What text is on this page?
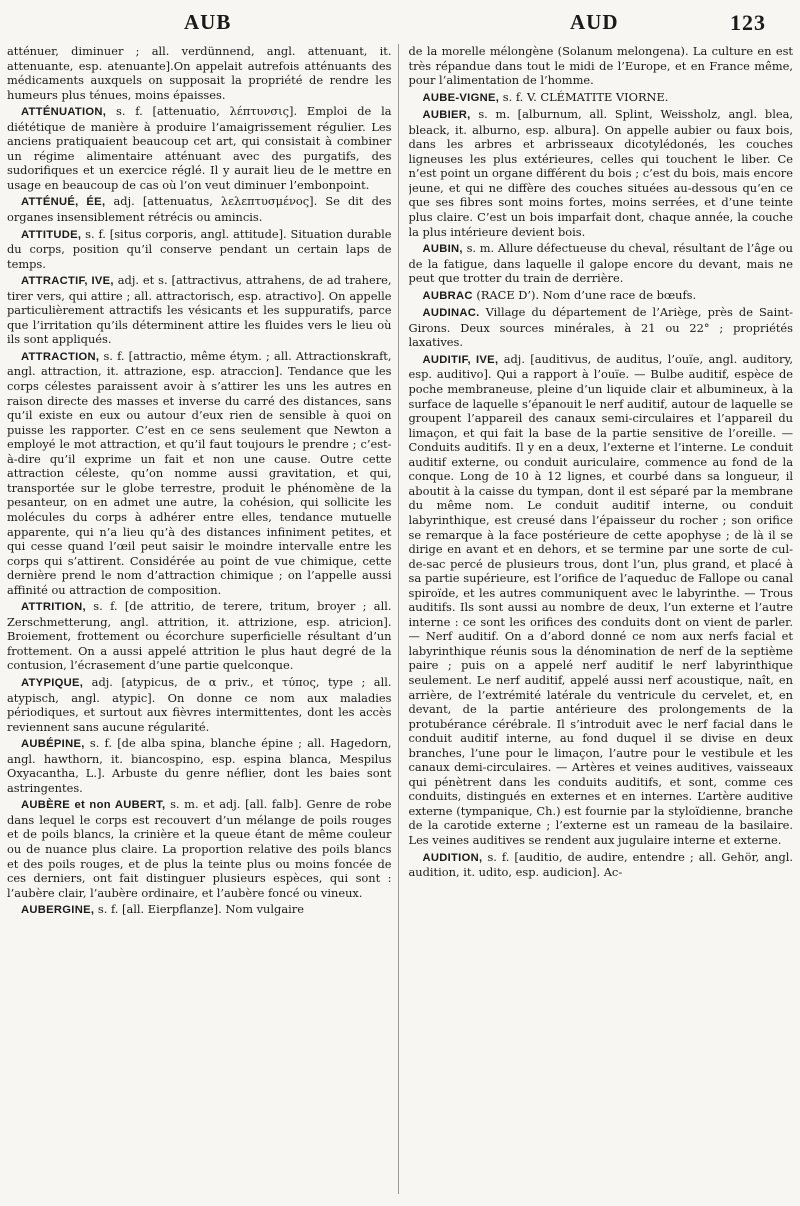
AUB	AUD	123

atténuer, diminuer ; all. verdünnend, angl. attenuant, it. attenuante, esp. atenuante].On appelait autrefois atténuants des médicaments auxquels on supposait la propriété de rendre les humeurs plus ténues, moins épaisses.

ATTÉNUATION, s. f. [attenuatio, λέπτυνσις]. Emploi de la diététique de manière à produire l’amaigrissement régulier. Les anciens pratiquaient beaucoup cet art, qui consistait à combiner un régime alimentaire atténuant avec des purgatifs, des sudorifiques et un exercice réglé. Il y aurait lieu de le mettre en usage en beaucoup de cas où l’on veut diminuer l’embonpoint.

ATTÉNUÉ, ÉE, adj. [attenuatus, λελεπτυσμένος]. Se dit des organes insensiblement rétrécis ou amincis.

ATTITUDE, s. f. [situs corporis, angl. attitude]. Situation durable du corps, position qu’il conserve pendant un certain laps de temps.

ATTRACTIF, IVE, adj. et s. [attractivus, attrahens, de ad trahere, tirer vers, qui attire ; all. attractorisch, esp. atractivo]. On appelle particulièrement attractifs les vésicants et les suppuratifs, parce que l’irritation qu’ils déterminent attire les fluides vers le lieu où ils sont appliqués.

ATTRACTION, s. f. [attractio, même étym. ; all. Attractionskraft, angl. attraction, it. attrazione, esp. atraccion]. Tendance que les corps célestes paraissent avoir à s’attirer les uns les autres en raison directe des masses et inverse du carré des distances, sans qu’il existe en eux ou autour d’eux rien de sensible à quoi on puisse les rapporter. C’est en ce sens seulement que Newton a employé le mot attraction, et qu’il faut toujours le prendre ; c’est-à-dire qu’il exprime un fait et non une cause. Outre cette attraction céleste, qu’on nomme aussi gravitation, et qui, transportée sur le globe terrestre, produit le phénomène de la pesanteur, on en admet une autre, la cohésion, qui sollicite les molécules du corps à adhérer entre elles, tendance mutuelle apparente, qui n’a lieu qu’à des distances infiniment petites, et qui cesse quand l’œil peut saisir le moindre intervalle entre les corps qui s’attirent. Considérée au point de vue chimique, cette dernière prend le nom d’attraction chimique ; on l’appelle aussi affinité ou attraction de composition.

ATTRITION, s. f. [de attritio, de terere, tritum, broyer ; all. Zerschmetterung, angl. attrition, it. attrizione, esp. atricion]. Broiement, frottement ou écorchure superficielle résultant d’un frottement. On a aussi appelé attrition le plus haut degré de la contusion, l’écrasement d’une partie quelconque.

ATYPIQUE, adj. [atypicus, de α priv., et τύπος, type ; all. atypisch, angl. atypic]. On donne ce nom aux maladies périodiques, et surtout aux fièvres intermittentes, dont les accès reviennent sans aucune régularité.

AUBÉPINE, s. f. [de alba spina, blanche épine ; all. Hagedorn, angl. hawthorn, it. biancospino, esp. espina blanca, Mespilus Oxyacantha, L.]. Arbuste du genre néflier, dont les baies sont astringentes.

AUBÈRE et non AUBERT, s. m. et adj. [all. falb]. Genre de robe dans lequel le corps est recouvert d’un mélange de poils rouges et de poils blancs, la crinière et la queue étant de même couleur ou de nuance plus claire. La proportion relative des poils blancs et des poils rouges, et de plus la teinte plus ou moins foncée de ces derniers, ont fait distinguer plusieurs espèces, qui sont : l’aubère clair, l’aubère ordinaire, et l’aubère foncé ou vineux.

AUBERGINE, s. f. [all. Eierpflanze]. Nom vulgaire

de la morelle mélongène (Solanum melongena). La culture en est très répandue dans tout le midi de l’Europe, et en France même, pour l’alimentation de l’homme.

AUBE-VIGNE, s. f. V. CLÉMATITE VIORNE.

AUBIER, s. m. [alburnum, all. Splint, Weissholz, angl. blea, bleack, it. alburno, esp. albura]. On appelle aubier ou faux bois, dans les arbres et arbrisseaux dicotylédonés, les couches ligneuses les plus extérieures, celles qui touchent le liber. Ce n’est point un organe différent du bois ; c’est du bois, mais encore jeune, et qui ne diffère des couches situées au-dessous qu’en ce que ses fibres sont moins fortes, moins serrées, et d’une teinte plus claire. C’est un bois imparfait dont, chaque année, la couche la plus intérieure devient bois.

AUBIN, s. m. Allure défectueuse du cheval, résultant de l’âge ou de la fatigue, dans laquelle il galope encore du devant, mais ne peut que trotter du train de derrière.

AUBRAC (RACE D’). Nom d’une race de bœufs.

AUDINAC. Village du département de l’Ariège, près de Saint-Girons. Deux sources minérales, à 21 ou 22° ; propriétés laxatives.

AUDITIF, IVE, adj. [auditivus, de auditus, l’ouïe, angl. auditory, esp. auditivo]. Qui a rapport à l’ouïe. — Bulbe auditif, espèce de poche membraneuse, pleine d’un liquide clair et albumineux, à la surface de laquelle s’épanouit le nerf auditif, autour de laquelle se groupent l’appareil des canaux semi-circulaires et l’appareil du limaçon, et qui fait la base de la partie sensitive de l’oreille. — Conduits auditifs. Il y en a deux, l’externe et l’interne. Le conduit auditif externe, ou conduit auriculaire, commence au fond de la conque. Long de 10 à 12 lignes, et courbé dans sa longueur, il aboutit à la caisse du tympan, dont il est séparé par la membrane du même nom. Le conduit auditif interne, ou conduit labyrinthique, est creusé dans l’épaisseur du rocher ; son orifice se remarque à la face postérieure de cette apophyse ; de là il se dirige en avant et en dehors, et se termine par une sorte de cul-de-sac percé de plusieurs trous, dont l’un, plus grand, et placé à sa partie supérieure, est l’orifice de l’aqueduc de Fallope ou canal spiroïde, et les autres communiquent avec le labyrinthe. — Trous auditifs. Ils sont aussi au nombre de deux, l’un externe et l’autre interne : ce sont les orifices des conduits dont on vient de parler. — Nerf auditif. On a d’abord donné ce nom aux nerfs facial et labyrinthique réunis sous la dénomination de nerf de la septième paire ; puis on a appelé nerf auditif le nerf labyrinthique seulement. Le nerf auditif, appelé aussi nerf acoustique, naît, en arrière, de l’extrémité latérale du ventricule du cervelet, et, en devant, de la partie antérieure des prolongements de la protubérance cérébrale. Il s’introduit avec le nerf facial dans le conduit auditif interne, au fond duquel il se divise en deux branches, l’une pour le limaçon, l’autre pour le vestibule et les canaux demi-circulaires. — Artères et veines auditives, vaisseaux qui pénètrent dans les conduits auditifs, et sont, comme ces conduits, distingués en externes et en internes. L’artère auditive externe (tympanique, Ch.) est fournie par la styloïdienne, branche de la carotide externe ; l’externe est un rameau de la basilaire. Les veines auditives se rendent aux jugulaire interne et externe.

AUDITION, s. f. [auditio, de audire, entendre ; all. Gehör, angl. audition, it. udito, esp. audicion]. Ac-
